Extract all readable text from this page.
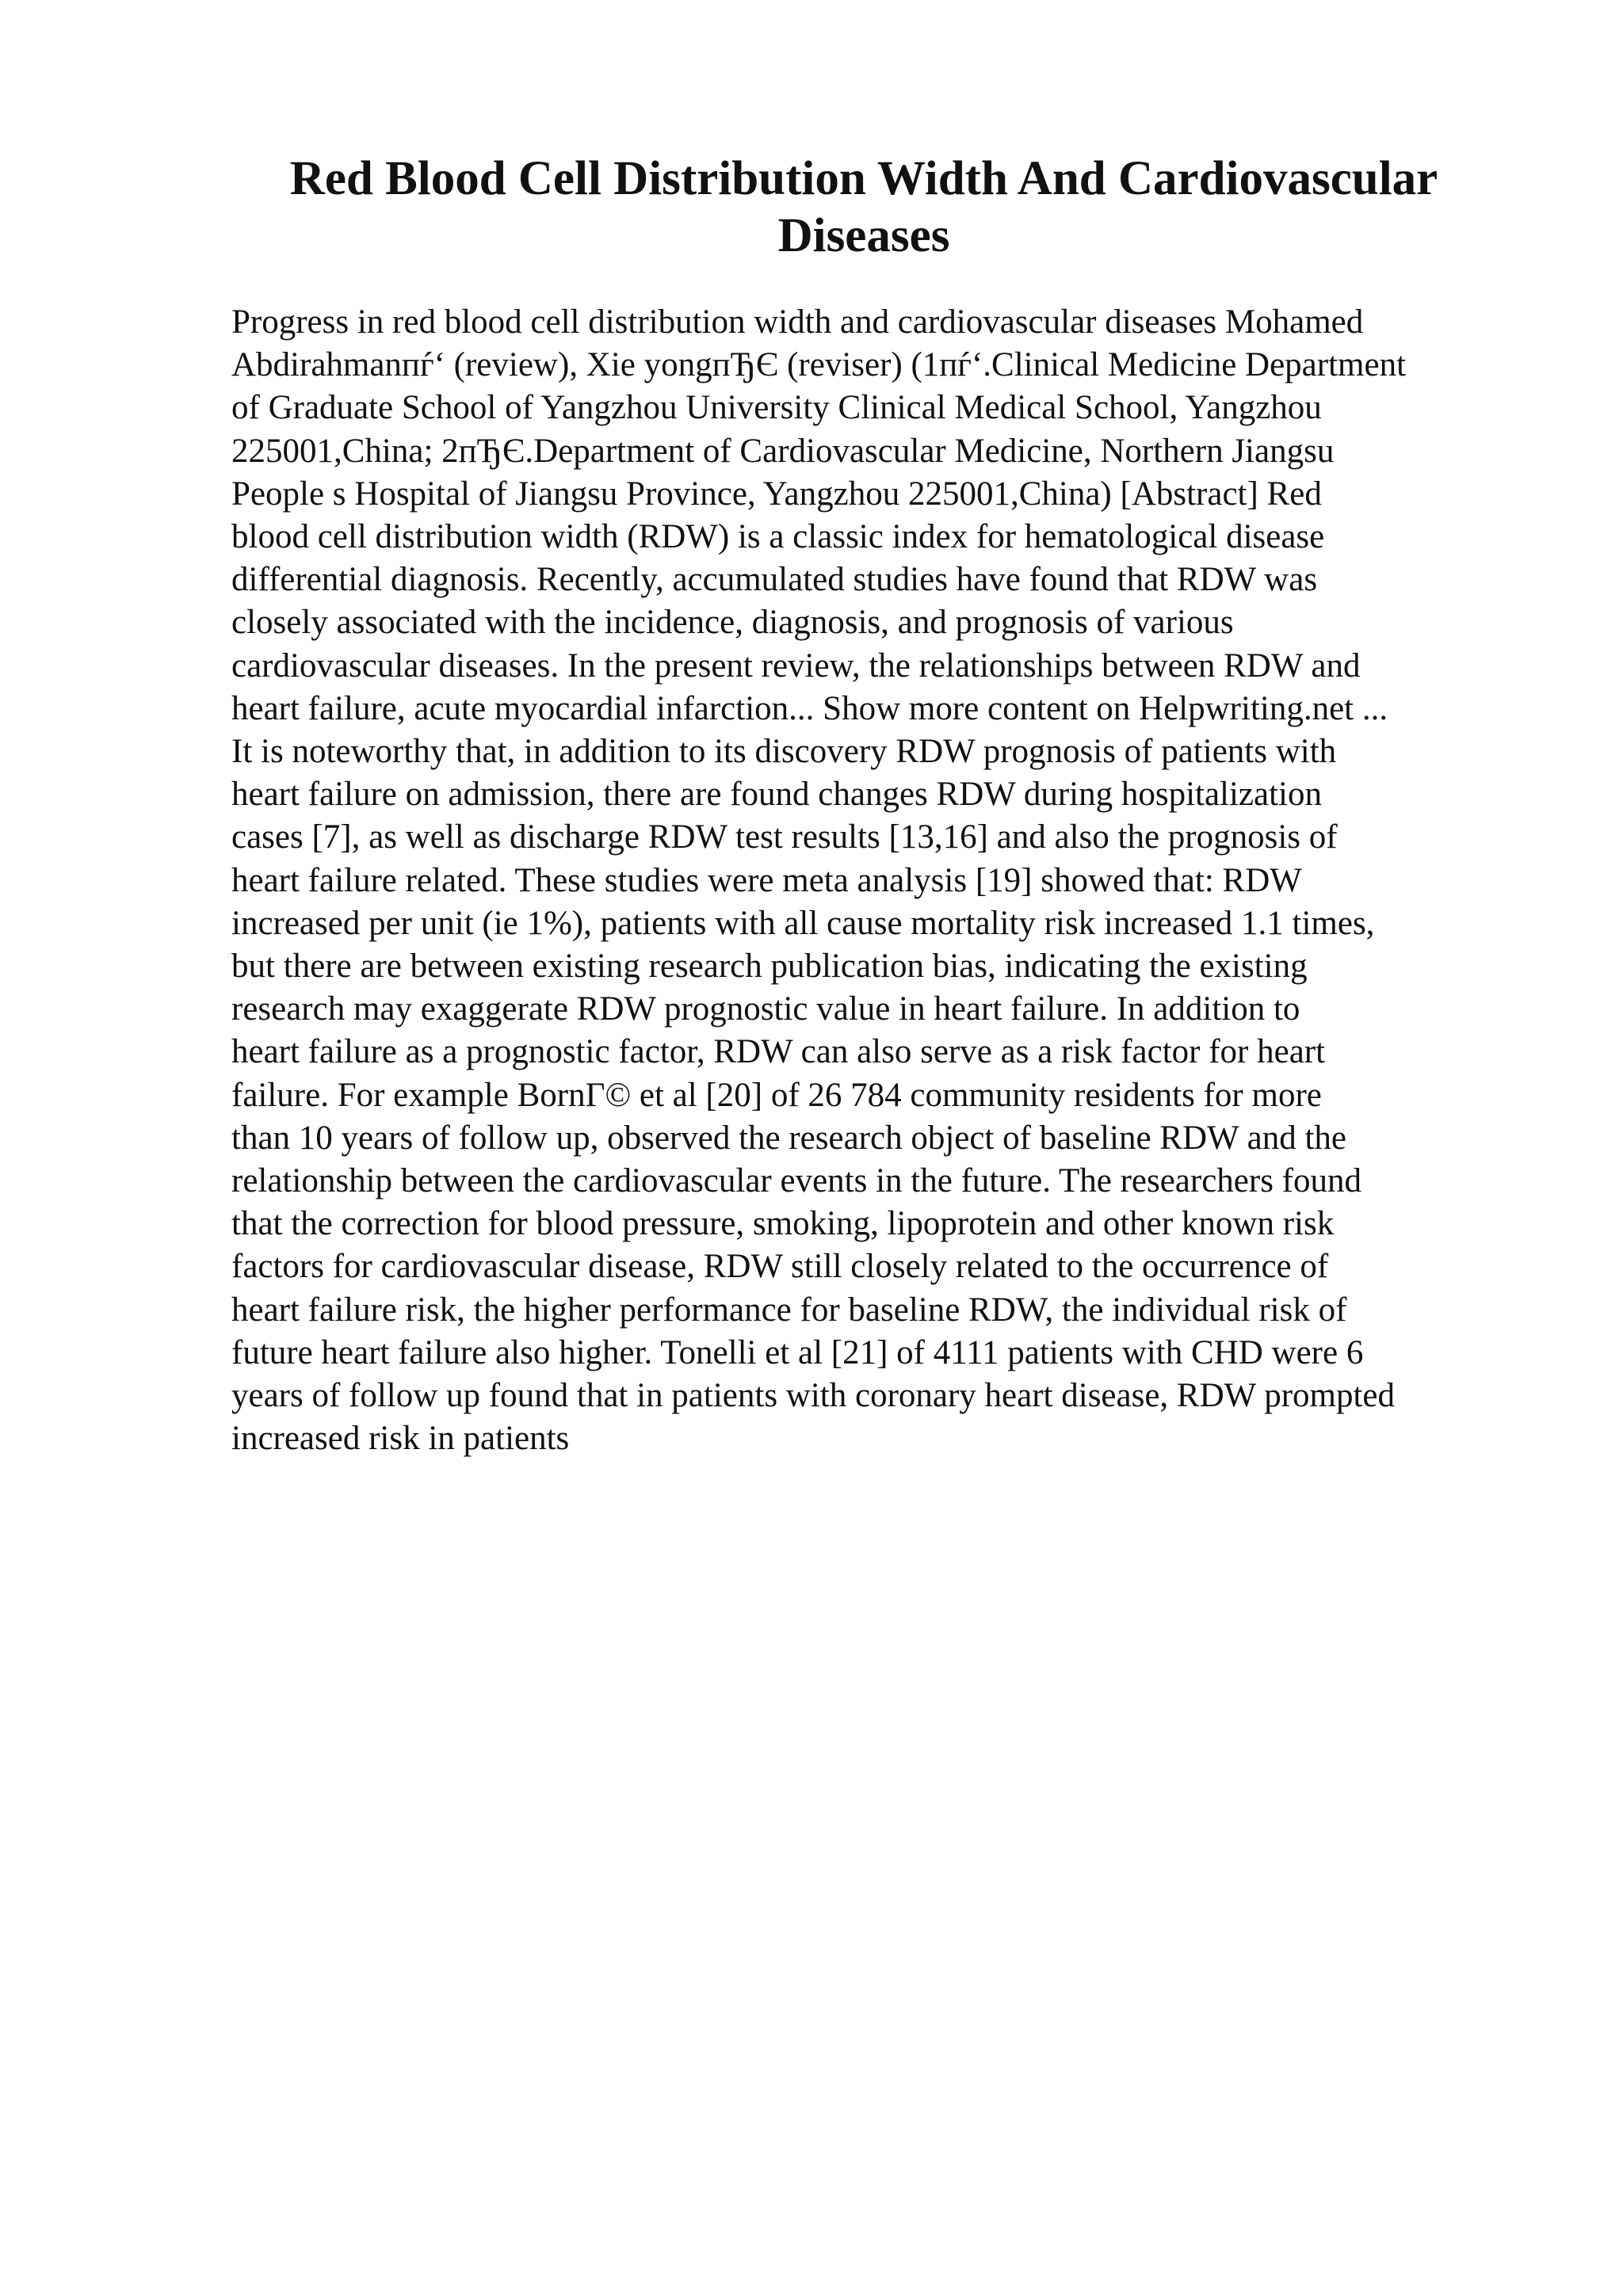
Red Blood Cell Distribution Width And Cardiovascular
Diseases
Progress in red blood cell distribution width and cardiovascular diseases Mohamed
Abdirahmanпѓ‘ (review), Xie yongпЂЄ (reviser) (1пѓ‘.Clinical Medicine Department
of Graduate School of Yangzhou University Clinical Medical School, Yangzhou
225001,China; 2пЂЄ.Department of Cardiovascular Medicine, Northern Jiangsu
People s Hospital of Jiangsu Province, Yangzhou 225001,China) [Abstract] Red
blood cell distribution width (RDW) is a classic index for hematological disease
differential diagnosis. Recently, accumulated studies have found that RDW was
closely associated with the incidence, diagnosis, and prognosis of various
cardiovascular diseases. In the present review, the relationships between RDW and
heart failure, acute myocardial infarction... Show more content on Helpwriting.net ...
It is noteworthy that, in addition to its discovery RDW prognosis of patients with
heart failure on admission, there are found changes RDW during hospitalization
cases [7], as well as discharge RDW test results [13,16] and also the prognosis of
heart failure related. These studies were meta analysis [19] showed that: RDW
increased per unit (ie 1%), patients with all cause mortality risk increased 1.1 times,
but there are between existing research publication bias, indicating the existing
research may exaggerate RDW prognostic value in heart failure. In addition to
heart failure as a prognostic factor, RDW can also serve as a risk factor for heart
failure. For example BornГ© et al [20] of 26 784 community residents for more
than 10 years of follow up, observed the research object of baseline RDW and the
relationship between the cardiovascular events in the future. The researchers found
that the correction for blood pressure, smoking, lipoprotein and other known risk
factors for cardiovascular disease, RDW still closely related to the occurrence of
heart failure risk, the higher performance for baseline RDW, the individual risk of
future heart failure also higher. Tonelli et al [21] of 4111 patients with CHD were 6
years of follow up found that in patients with coronary heart disease, RDW prompted
increased risk in patients
